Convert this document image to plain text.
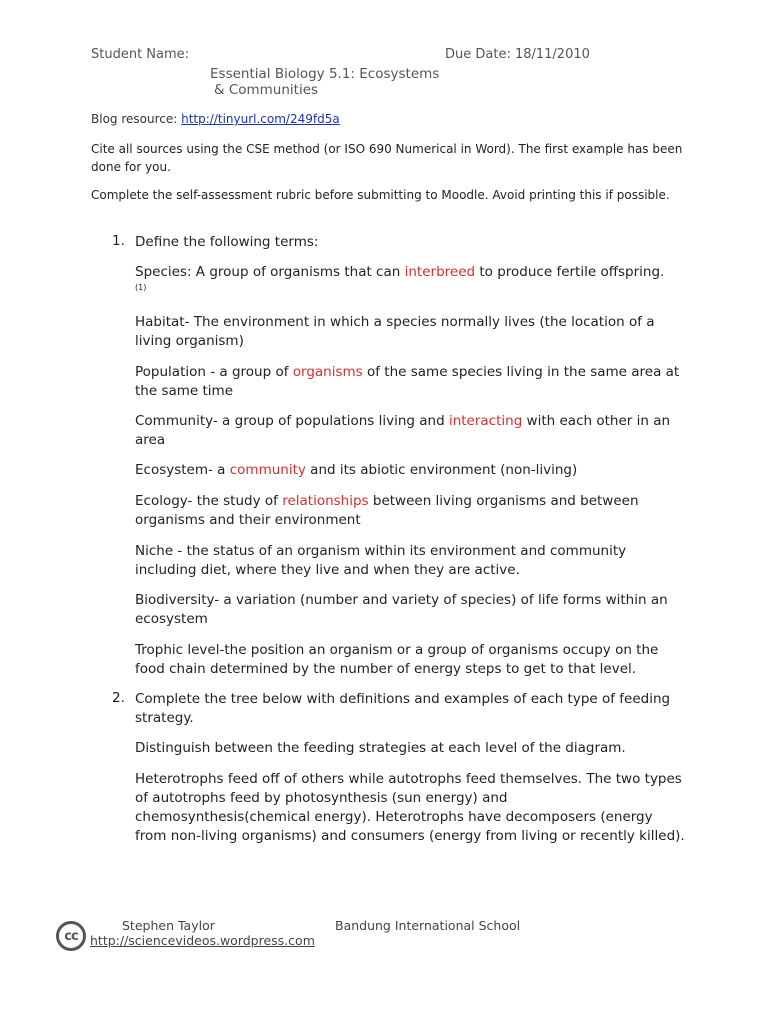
Student Name:	Due Date: 18/11/2010
Essential Biology 5.1: Ecosystems
& Communities
Blog resource: http://tinyurl.com/249fd5a
Cite all sources using the CSE method (or ISO 690 Numerical in Word). The first example has been done for you.
Complete the self-assessment rubric before submitting to Moodle. Avoid printing this if possible.
1. Define the following terms:
Species: A group of organisms that can interbreed to produce fertile offspring.
(1)
Habitat- The environment in which a species normally lives (the location of a living organism)
Population - a group of organisms of the same species living in the same area at the same time
Community- a group of populations living and interacting with each other in an area
Ecosystem- a community and its abiotic environment (non-living)
Ecology- the study of relationships between living organisms and between organisms and their environment
Niche - the status of an organism within its environment and community including diet, where they live and when they are active.
Biodiversity- a variation (number and variety of species) of life forms within an ecosystem
Trophic level-the position an organism or a group of organisms occupy on the food chain determined by the number of energy steps to get to that level.
2. Complete the tree below with definitions and examples of each type of feeding strategy.
Distinguish between the feeding strategies at each level of the diagram.
Heterotrophs feed off of others while autotrophs feed themselves. The two types of autotrophs feed by photosynthesis (sun energy) and chemosynthesis(chemical energy). Heterotrophs have decomposers (energy from non-living organisms) and consumers (energy from living or recently killed).
cc
Stephen Taylor	Bandung International School
http://sciencevideos.wordpress.com
